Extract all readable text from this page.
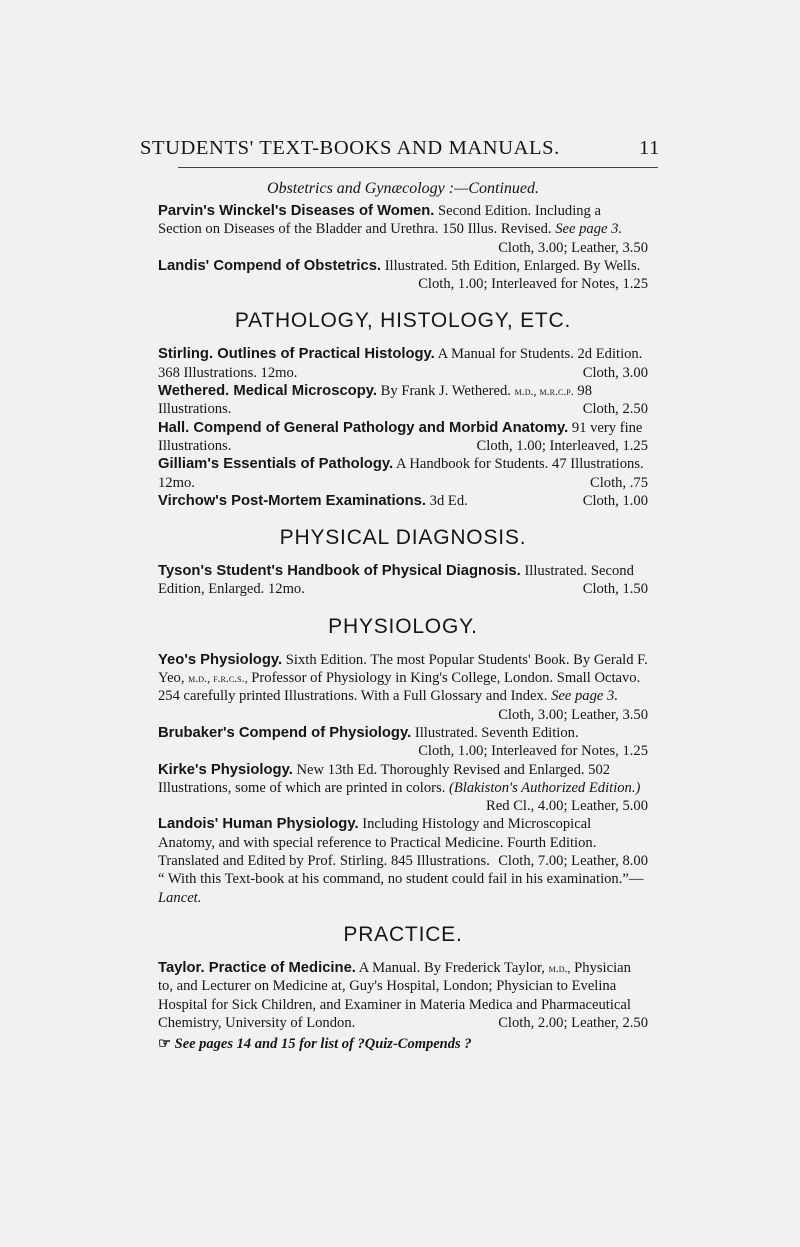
STUDENTS' TEXT-BOOKS AND MANUALS.	11
Obstetrics and Gynæcology :—Continued.

Parvin's Winckel's Diseases of Women. Second Edition. Including a Section on Diseases of the Bladder and Urethra. 150 Illus. Revised. See page 3.
Cloth, 3.00; Leather, 3.50

Landis' Compend of Obstetrics. Illustrated. 5th Edition, Enlarged. By Wells.
Cloth, 1.00; Interleaved for Notes, 1.25

PATHOLOGY, HISTOLOGY, ETC.

Stirling. Outlines of Practical Histology. A Manual for Students. 2d Edition. 368 Illustrations. 12mo.	Cloth, 3.00

Wethered. Medical Microscopy. By Frank J. Wethered. m.d., m.r.c.p. 98 Illustrations.	Cloth, 2.50

Hall. Compend of General Pathology and Morbid Anatomy. 91 very fine Illustrations.	Cloth, 1.00; Interleaved, 1.25

Gilliam's Essentials of Pathology. A Handbook for Students. 47 Illustrations. 12mo.	Cloth, .75

Virchow's Post-Mortem Examinations. 3d Ed.	Cloth, 1.00

PHYSICAL DIAGNOSIS.

Tyson's Student's Handbook of Physical Diagnosis. Illustrated. Second Edition, Enlarged. 12mo.	Cloth, 1.50

PHYSIOLOGY.

Yeo's Physiology. Sixth Edition. The most Popular Students' Book. By Gerald F. Yeo, m.d., f.r.c.s., Professor of Physiology in King's College, London. Small Octavo. 254 carefully printed Illustrations. With a Full Glossary and Index. See page 3.
Cloth, 3.00; Leather, 3.50

Brubaker's Compend of Physiology. Illustrated. Seventh Edition.
Cloth, 1.00; Interleaved for Notes, 1.25

Kirke's Physiology. New 13th Ed. Thoroughly Revised and Enlarged. 502 Illustrations, some of which are printed in colors. (Blakiston's Authorized Edition.)
Red Cl., 4.00; Leather, 5.00

Landois' Human Physiology. Including Histology and Microscopical Anatomy, and with special reference to Practical Medicine. Fourth Edition. Translated and Edited by Prof. Stirling. 845 Illustrations. Cloth, 7.00; Leather, 8.00

“ With this Text-book at his command, no student could fail in his examination.”—Lancet.

PRACTICE.

Taylor. Practice of Medicine. A Manual. By Frederick Taylor, m.d., Physician to, and Lecturer on Medicine at, Guy's Hospital, London; Physician to Evelina Hospital for Sick Children, and Examiner in Materia Medica and Pharmaceutical Chemistry, University of London.	Cloth, 2.00; Leather, 2.50

☞ See pages 14 and 15 for list of ?Quiz-Compends ?
